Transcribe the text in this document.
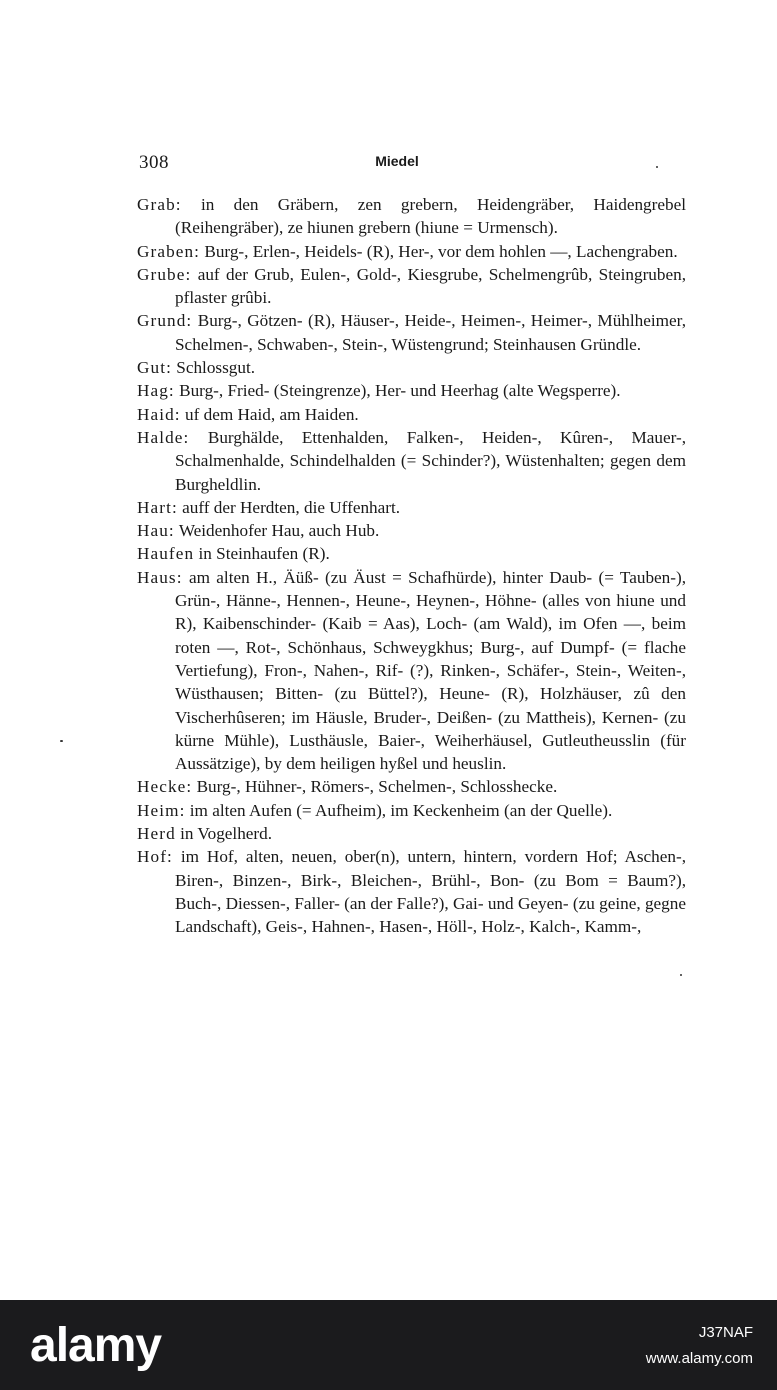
308	Miedel

Grab: in den Gräbern, zen grebern, Heidengräber, Haidengrebel (Reihengräber), ze hiunen grebern (hiune = Urmensch).

Graben: Burg-, Erlen-, Heidels- (R), Her-, vor dem hohlen —, Lachengraben.

Grube: auf der Grub, Eulen-, Gold-, Kiesgrube, Schelmengrûb, Steingruben, pflaster grûbi.

Grund: Burg-, Götzen- (R), Häuser-, Heide-, Heimen-, Heimer-, Mühlheimer, Schelmen-, Schwaben-, Stein-, Wüstengrund; Steinhausen Gründle.

Gut: Schlossgut.

Hag: Burg-, Fried- (Steingrenze), Her- und Heerhag (alte Wegsperre).

Haid: uf dem Haid, am Haiden.

Halde: Burghälde, Ettenhalden, Falken-, Heiden-, Kûren-, Mauer-, Schalmenhalde, Schindelhalden (= Schinder?), Wüstenhalten; gegen dem Burgheldlin.

Hart: auff der Herdten, die Uffenhart.

Hau: Weidenhofer Hau, auch Hub.

Haufen in Steinhaufen (R).

Haus: am alten H., Äüß- (zu Äust = Schafhürde), hinter Daub- (= Tauben-), Grün-, Hänne-, Hennen-, Heune-, Heynen-, Höhne- (alles von hiune und R), Kaibenschinder- (Kaib = Aas), Loch- (am Wald), im Ofen —, beim roten —, Rot-, Schönhaus, Schweygkhus; Burg-, auf Dumpf- (= flache Vertiefung), Fron-, Nahen-, Rif- (?), Rinken-, Schäfer-, Stein-, Weiten-, Wüsthausen; Bitten- (zu Büttel?), Heune- (R), Holzhäuser, zû den Vischerhûseren; im Häusle, Bruder-, Deißen- (zu Mattheis), Kernen- (zu kürne Mühle), Lusthäusle, Baier-, Weiherhäusel, Gutleutheusslin (für Aussätzige), by dem heiligen hyßel und heuslin.

Hecke: Burg-, Hühner-, Römers-, Schelmen-, Schlosshecke.

Heim: im alten Aufen (= Aufheim), im Keckenheim (an der Quelle).

Herd in Vogelherd.

Hof: im Hof, alten, neuen, ober(n), untern, hintern, vordern Hof; Aschen-, Biren-, Binzen-, Birk-, Bleichen-, Brühl-, Bon- (zu Bom = Baum?), Buch-, Diessen-, Faller- (an der Falle?), Gai- und Geyen- (zu geine, gegne Landschaft), Geis-, Hahnen-, Hasen-, Höll-, Holz-, Kalch-, Kamm-,

alamy	J37NAF
www.alamy.com
